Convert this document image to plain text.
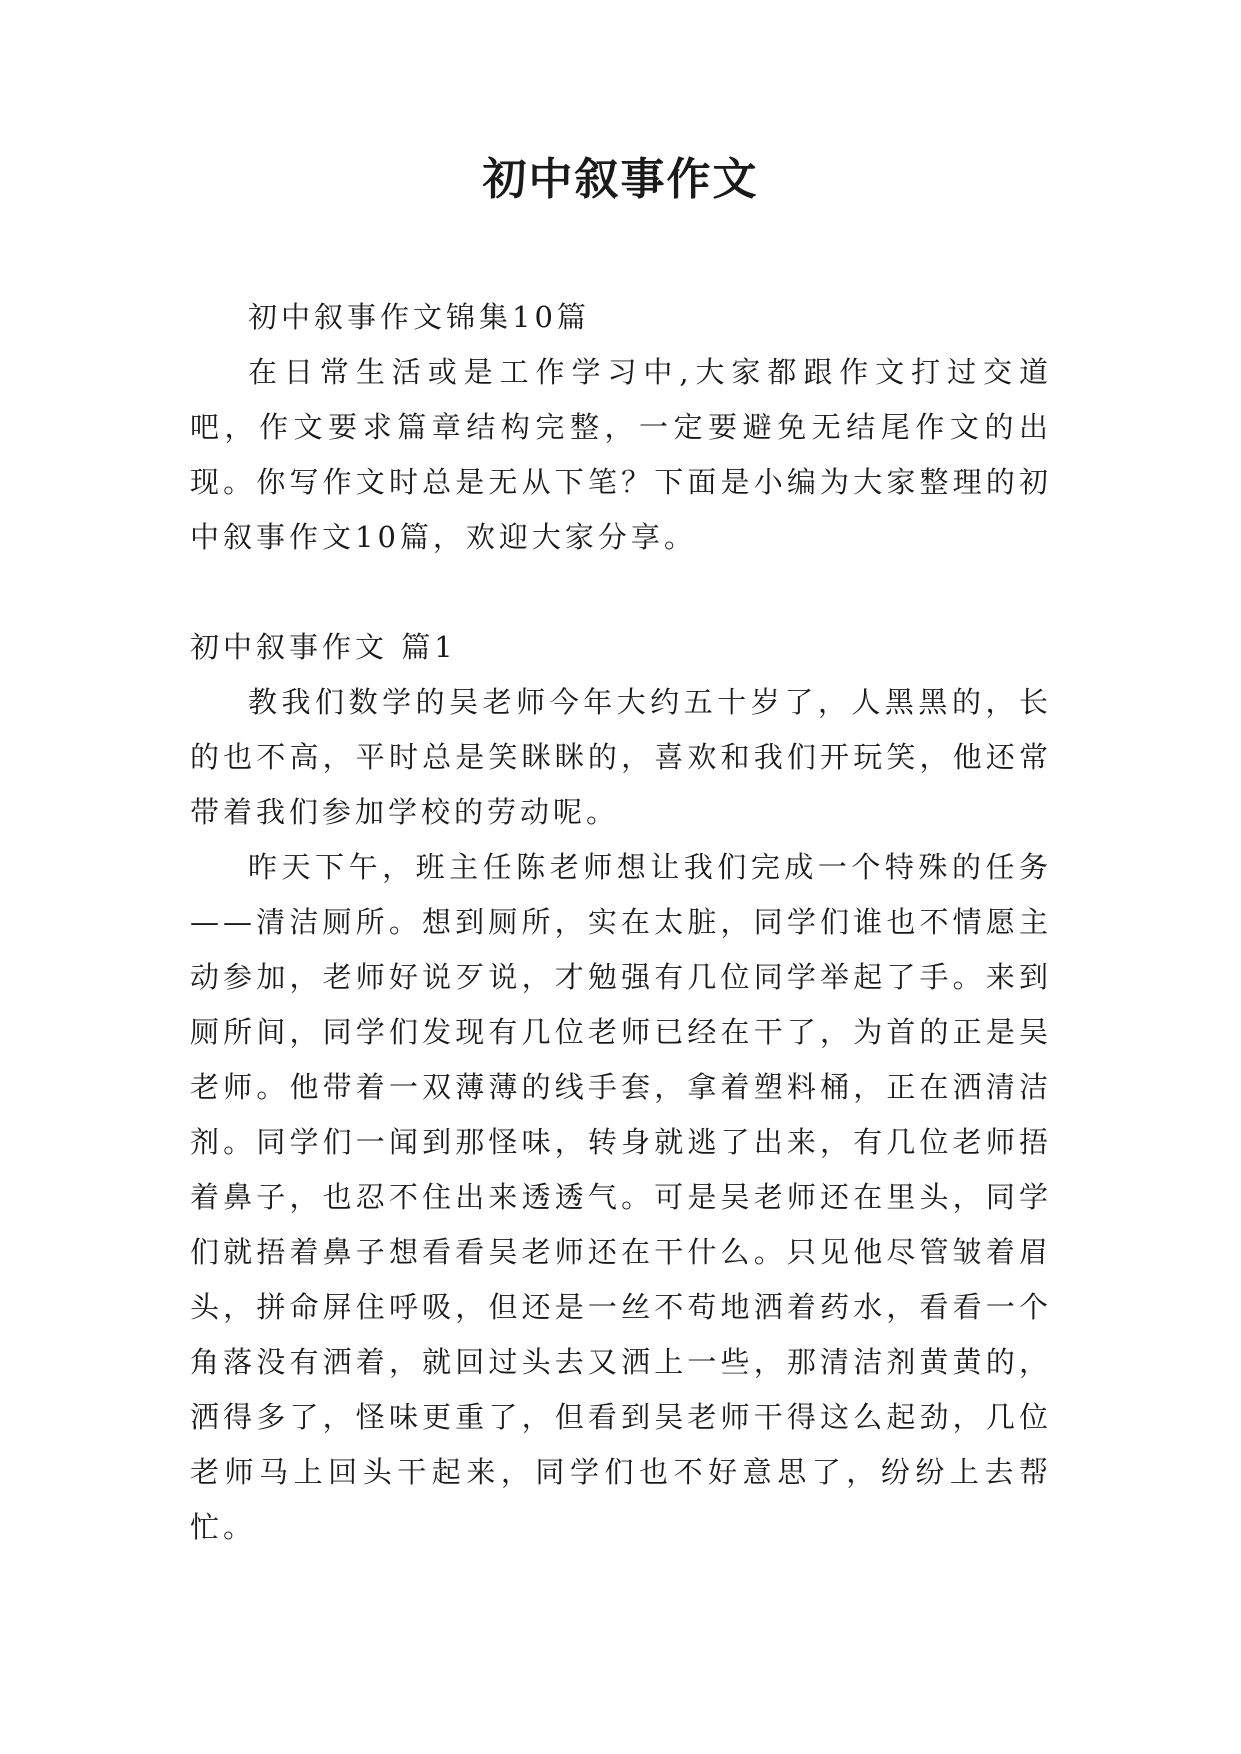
初中叙事作文

初中叙事作文锦集10篇

在日常生活或是工作学习中,大家都跟作文打过交道吧，作文要求篇章结构完整，一定要避免无结尾作文的出现。你写作文时总是无从下笔？下面是小编为大家整理的初中叙事作文10篇，欢迎大家分享。

初中叙事作文 篇1

教我们数学的吴老师今年大约五十岁了，人黑黑的，长的也不高，平时总是笑眯眯的，喜欢和我们开玩笑，他还常带着我们参加学校的劳动呢。

昨天下午，班主任陈老师想让我们完成一个特殊的任务——清洁厕所。想到厕所，实在太脏，同学们谁也不情愿主动参加，老师好说歹说，才勉强有几位同学举起了手。来到厕所间，同学们发现有几位老师已经在干了，为首的正是吴老师。他带着一双薄薄的线手套，拿着塑料桶，正在洒清洁剂。同学们一闻到那怪味，转身就逃了出来，有几位老师捂着鼻子，也忍不住出来透透气。可是吴老师还在里头，同学们就捂着鼻子想看看吴老师还在干什么。只见他尽管皱着眉头，拼命屏住呼吸，但还是一丝不苟地洒着药水，看看一个角落没有洒着，就回过头去又洒上一些，那清洁剂黄黄的，洒得多了，怪味更重了，但看到吴老师干得这么起劲，几位老师马上回头干起来，同学们也不好意思了，纷纷上去帮忙。
